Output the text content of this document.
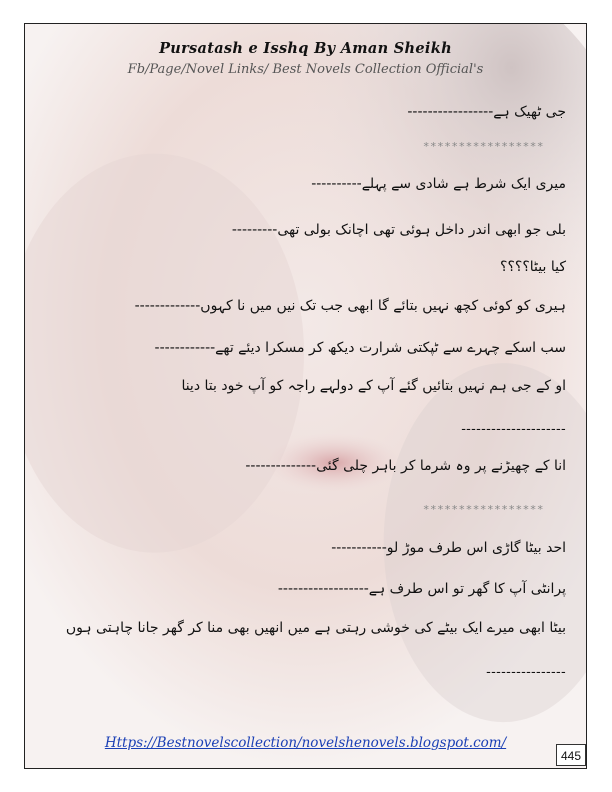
Pursatash e Isshq By Aman Sheikh
Fb/Page/Novel Links/ Best Novels Collection Official's
جی ٹھیک ہے-----------------
*****************
میری ایک شرط ہے شادی سے پہلے----------
بلی جو ابھی اندر داخل ہوئی تھی اچانک بولی تھی---------
کیا بیٹا؟؟؟؟
ہیری کو کوئی کچھ نہیں بتائے گا ابھی جب تک نیں میں نا کہوں-------------
سب اسکے چہرے سے ٹپکتی شرارت دیکھ کر مسکرا دیئے تھے------------
او کے جی ہم نہیں بتائیں گئے آپ کے دولہے راجہ کو آپ خود بتا دینا
---------------------
انا کے چھیڑنے پر وہ شرما کر باہر چلی گئی--------------
*****************
احد بیٹا گاڑی اس طرف موڑ لو-----------
پرانٹی آپ کا گھر تو اس طرف ہے------------------
بیٹا ابھی میرے ایک بیٹے کی خوشی رہتی ہے میں انھیں بھی منا کر گھر جانا چاہتی ہوں
----------------
Https://Bestnovelscollection/novelshenovels.blogspot.com/
445
